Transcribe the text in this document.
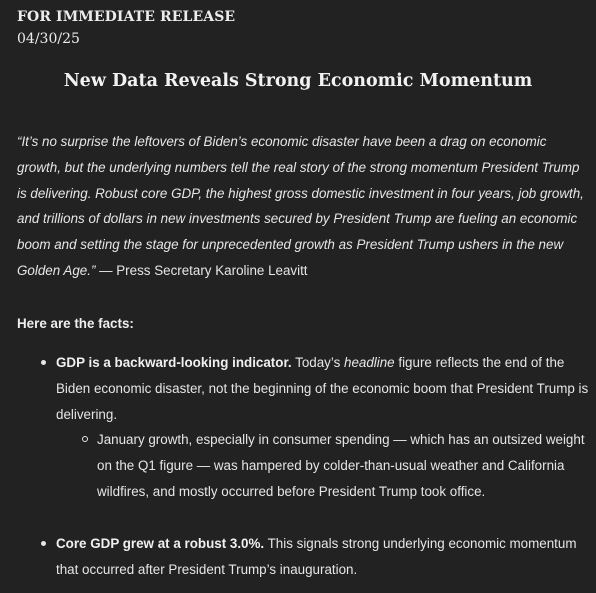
FOR IMMEDIATE RELEASE
04/30/25
New Data Reveals Strong Economic Momentum
“It’s no surprise the leftovers of Biden’s economic disaster have been a drag on economic growth, but the underlying numbers tell the real story of the strong momentum President Trump is delivering. Robust core GDP, the highest gross domestic investment in four years, job growth, and trillions of dollars in new investments secured by President Trump are fueling an economic boom and setting the stage for unprecedented growth as President Trump ushers in the new Golden Age.” — Press Secretary Karoline Leavitt
Here are the facts:
GDP is a backward-looking indicator. Today’s headline figure reflects the end of the Biden economic disaster, not the beginning of the economic boom that President Trump is delivering.
January growth, especially in consumer spending — which has an outsized weight on the Q1 figure — was hampered by colder-than-usual weather and California wildfires, and mostly occurred before President Trump took office.
Core GDP grew at a robust 3.0%. This signals strong underlying economic momentum that occurred after President Trump’s inauguration.
